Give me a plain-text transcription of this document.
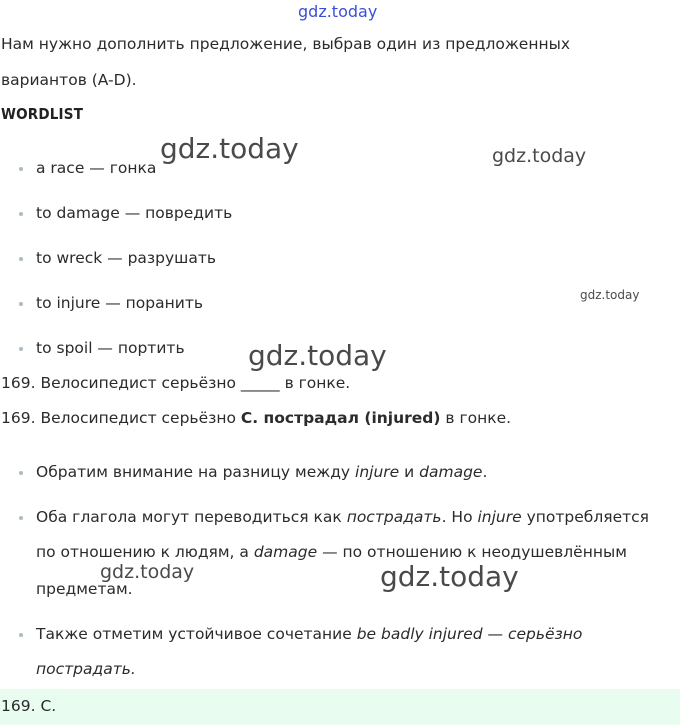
gdz.today
gdz.today	gdz.today
gdz.today
gdz.today
gdz.today	gdz.today
Нам нужно дополнить предложение, выбрав один из предложенных
вариантов (A-D).
WORDLIST
a race — гонка
to damage — повредить
to wreck — разрушать
to injure — поранить
to spoil — портить
169. Велосипедист серьёзно _____ в гонке.
169. Велосипедист серьёзно C. пострадал (injured) в гонке.
Обратим внимание на разницу между injure и damage.
Оба глагола могут переводиться как пострадать. Но injure употребляется
по отношению к людям, а damage — по отношению к неодушевлённым
предметам.
Также отметим устойчивое сочетание be badly injured — серьёзно
пострадать.
169. C.
